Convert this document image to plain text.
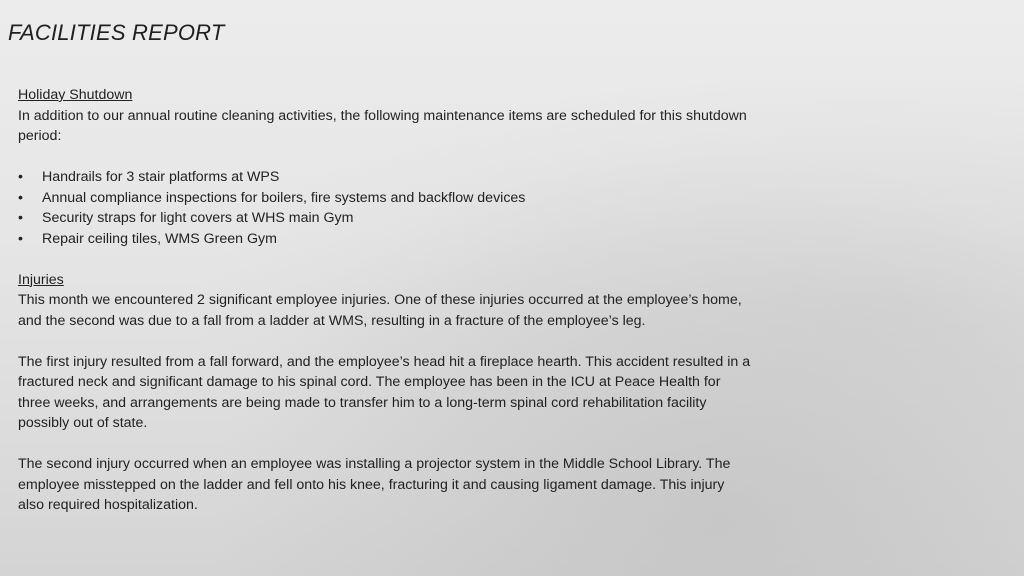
FACILITIES REPORT
Holiday Shutdown
In addition to our annual routine cleaning activities, the following maintenance items are scheduled for this shutdown period:
• Handrails for 3 stair platforms at WPS
• Annual compliance inspections for boilers, fire systems and backflow devices
• Security straps for light covers at WHS main Gym
• Repair ceiling tiles, WMS Green Gym
Injuries
This month we encountered 2 significant employee injuries. One of these injuries occurred at the employee’s home, and the second was due to a fall from a ladder at WMS, resulting in a fracture of the employee’s leg.
The first injury resulted from a fall forward, and the employee’s head hit a fireplace hearth. This accident resulted in a fractured neck and significant damage to his spinal cord. The employee has been in the ICU at Peace Health for three weeks, and arrangements are being made to transfer him to a long-term spinal cord rehabilitation facility possibly out of state.
The second injury occurred when an employee was installing a projector system in the Middle School Library. The employee misstepped on the ladder and fell onto his knee, fracturing it and causing ligament damage. This injury also required hospitalization.
